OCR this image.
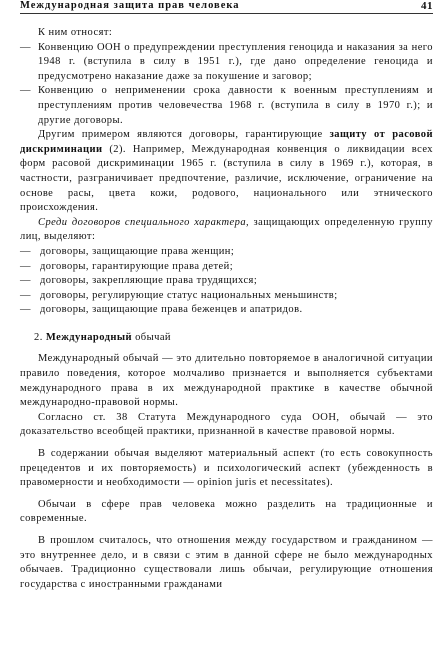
Международная защита прав человека	41

К ним относят:

— Конвенцию ООН о предупреждении преступления геноцида и наказания за него 1948 г. (вступила в силу в 1951 г.), где дано определение геноцида и предусмотрено наказание даже за покушение и заговор;
— Конвенцию о неприменении срока давности к военным преступлениям и преступлениям против человечества 1968 г. (вступила в силу в 1970 г.); и другие договоры.

Другим примером являются договоры, гарантирующие защиту от расовой дискриминации (2). Например, Международная конвенция о ликвидации всех форм расовой дискриминации 1965 г. (вступила в силу в 1969 г.), которая, в частности, разграничивает предпочтение, различие, исключение, ограничение на основе расы, цвета кожи, родового, национального или этнического происхождения.

Среди договоров специального характера, защищающих определенную группу лиц, выделяют:

— договоры, защищающие права женщин;
— договоры, гарантирующие права детей;
— договоры, закрепляющие права трудящихся;
— договоры, регулирующие статус национальных меньшинств;
— договоры, защищающие права беженцев и апатридов.

2. Международный обычай

Международный обычай — это длительно повторяемое в аналогичной ситуации правило поведения, которое молчаливо признается и выполняется субъектами международного права в их международной практике в качестве обычной международно-правовой нормы.

Согласно ст. 38 Статута Международного суда ООН, обычай — это доказательство всеобщей практики, признанной в качестве правовой нормы.

В содержании обычая выделяют материальный аспект (то есть совокупность прецедентов и их повторяемость) и психологический аспект (убежденность в правомерности и необходимости — opinion juris et necessitates).

Обычаи в сфере прав человека можно разделить на традиционные и современные.

В прошлом считалось, что отношения между государством и гражданином — это внутреннее дело, и в связи с этим в данной сфере не было международных обычаев. Традиционно существовали лишь обычаи, регулирующие отношения государства с иностранными гражданами
